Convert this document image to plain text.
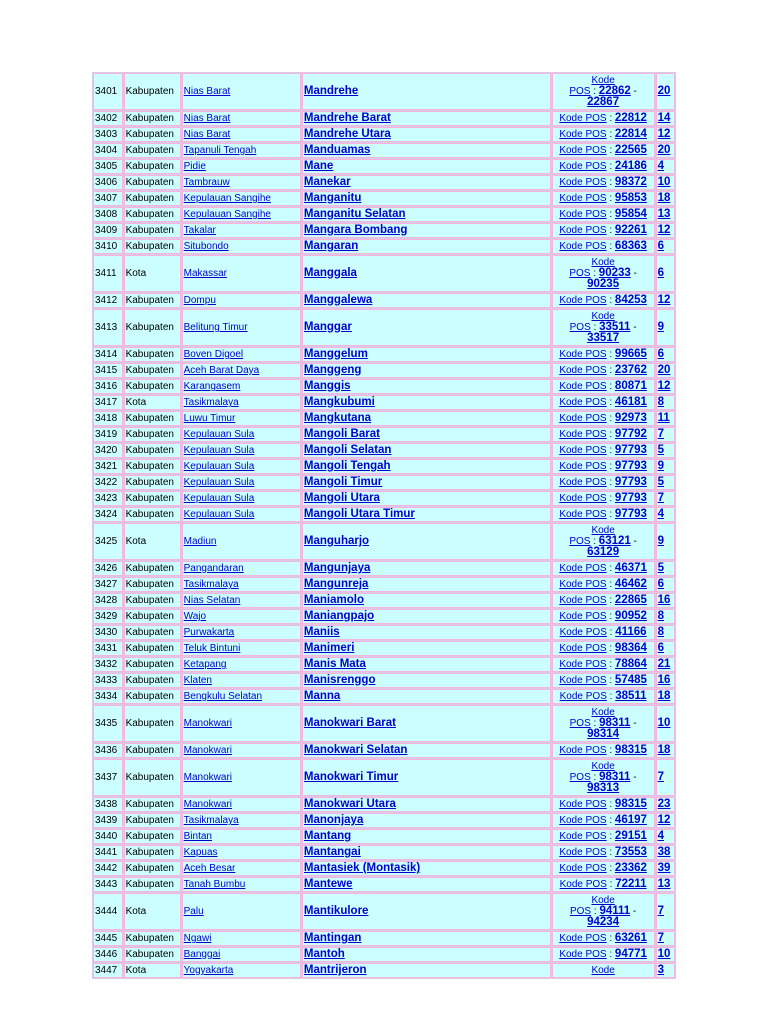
3401	Kabupaten	Nias Barat	Mandrehe	Kode
POS : 22862 -
22867	20
3402	Kabupaten	Nias Barat	Mandrehe Barat	Kode POS : 22812	14
3403	Kabupaten	Nias Barat	Mandrehe Utara	Kode POS : 22814	12
3404	Kabupaten	Tapanuli Tengah	Manduamas	Kode POS : 22565	20
3405	Kabupaten	Pidie	Mane	Kode POS : 24186	4
3406	Kabupaten	Tambrauw	Manekar	Kode POS : 98372	10
3407	Kabupaten	Kepulauan Sangihe	Manganitu	Kode POS : 95853	18
3408	Kabupaten	Kepulauan Sangihe	Manganitu Selatan	Kode POS : 95854	13
3409	Kabupaten	Takalar	Mangara Bombang	Kode POS : 92261	12
3410	Kabupaten	Situbondo	Mangaran	Kode POS : 68363	6
3411	Kota	Makassar	Manggala	Kode
POS : 90233 -
90235	6
3412	Kabupaten	Dompu	Manggalewa	Kode POS : 84253	12
3413	Kabupaten	Belitung Timur	Manggar	Kode
POS : 33511 -
33517	9
3414	Kabupaten	Boven Digoel	Manggelum	Kode POS : 99665	6
3415	Kabupaten	Aceh Barat Daya	Manggeng	Kode POS : 23762	20
3416	Kabupaten	Karangasem	Manggis	Kode POS : 80871	12
3417	Kota	Tasikmalaya	Mangkubumi	Kode POS : 46181	8
3418	Kabupaten	Luwu Timur	Mangkutana	Kode POS : 92973	11
3419	Kabupaten	Kepulauan Sula	Mangoli Barat	Kode POS : 97792	7
3420	Kabupaten	Kepulauan Sula	Mangoli Selatan	Kode POS : 97793	5
3421	Kabupaten	Kepulauan Sula	Mangoli Tengah	Kode POS : 97793	9
3422	Kabupaten	Kepulauan Sula	Mangoli Timur	Kode POS : 97793	5
3423	Kabupaten	Kepulauan Sula	Mangoli Utara	Kode POS : 97793	7
3424	Kabupaten	Kepulauan Sula	Mangoli Utara Timur	Kode POS : 97793	4
3425	Kota	Madiun	Manguharjo	Kode
POS : 63121 -
63129	9
3426	Kabupaten	Pangandaran	Mangunjaya	Kode POS : 46371	5
3427	Kabupaten	Tasikmalaya	Mangunreja	Kode POS : 46462	6
3428	Kabupaten	Nias Selatan	Maniamolo	Kode POS : 22865	16
3429	Kabupaten	Wajo	Maniangpajo	Kode POS : 90952	8
3430	Kabupaten	Purwakarta	Maniis	Kode POS : 41166	8
3431	Kabupaten	Teluk Bintuni	Manimeri	Kode POS : 98364	6
3432	Kabupaten	Ketapang	Manis Mata	Kode POS : 78864	21
3433	Kabupaten	Klaten	Manisrenggo	Kode POS : 57485	16
3434	Kabupaten	Bengkulu Selatan	Manna	Kode POS : 38511	18
3435	Kabupaten	Manokwari	Manokwari Barat	Kode
POS : 98311 -
98314	10
3436	Kabupaten	Manokwari	Manokwari Selatan	Kode POS : 98315	18
3437	Kabupaten	Manokwari	Manokwari Timur	Kode
POS : 98311 -
98313	7
3438	Kabupaten	Manokwari	Manokwari Utara	Kode POS : 98315	23
3439	Kabupaten	Tasikmalaya	Manonjaya	Kode POS : 46197	12
3440	Kabupaten	Bintan	Mantang	Kode POS : 29151	4
3441	Kabupaten	Kapuas	Mantangai	Kode POS : 73553	38
3442	Kabupaten	Aceh Besar	Mantasiek (Montasik)	Kode POS : 23362	39
3443	Kabupaten	Tanah Bumbu	Mantewe	Kode POS : 72211	13
3444	Kota	Palu	Mantikulore	Kode
POS : 94111 -
94234	7
3445	Kabupaten	Ngawi	Mantingan	Kode POS : 63261	7
3446	Kabupaten	Banggai	Mantoh	Kode POS : 94771	10
3447	Kota	Yogyakarta	Mantrijeron	Kode	3
